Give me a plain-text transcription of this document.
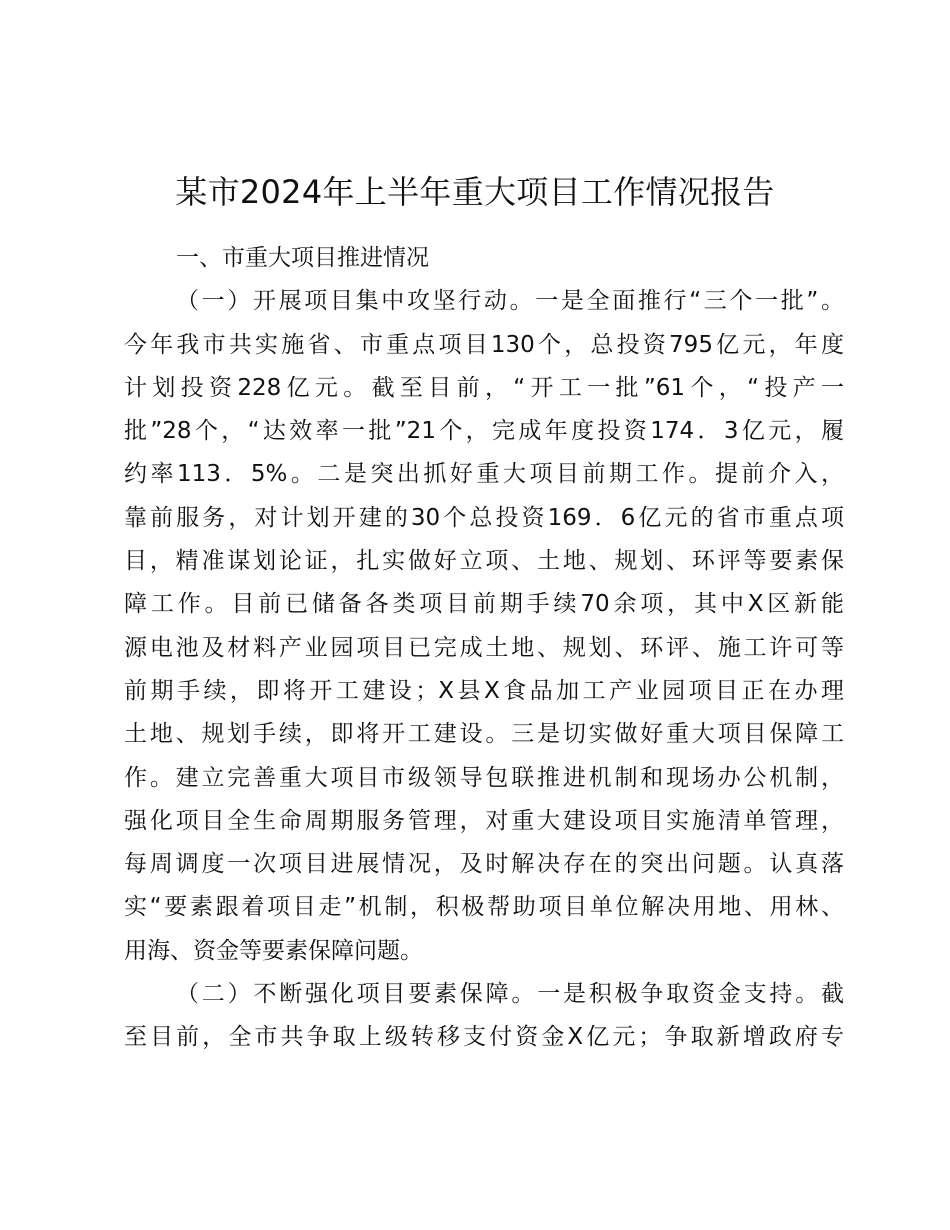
某市2024年上半年重大项目工作情况报告
一、市重大项目推进情况
（一）开展项目集中攻坚行动。一是全面推行“三个一批”。
今年我市共实施省、市重点项目130个，总投资795亿元，年度
计划投资228亿元。截至目前，“开工一批”61个，“投产一
批”28个，“达效率一批”21个，完成年度投资174．3亿元，履
约率113．5%。二是突出抓好重大项目前期工作。提前介入，
靠前服务，对计划开建的30个总投资169．6亿元的省市重点项
目，精准谋划论证，扎实做好立项、土地、规划、环评等要素保
障工作。目前已储备各类项目前期手续70余项，其中X区新能
源电池及材料产业园项目已完成土地、规划、环评、施工许可等
前期手续，即将开工建设；X县X食品加工产业园项目正在办理
土地、规划手续，即将开工建设。三是切实做好重大项目保障工
作。建立完善重大项目市级领导包联推进机制和现场办公机制，
强化项目全生命周期服务管理，对重大建设项目实施清单管理，
每周调度一次项目进展情况，及时解决存在的突出问题。认真落
实“要素跟着项目走”机制，积极帮助项目单位解决用地、用林、
用海、资金等要素保障问题。
（二）不断强化项目要素保障。一是积极争取资金支持。截
至目前，全市共争取上级转移支付资金X亿元；争取新增政府专
